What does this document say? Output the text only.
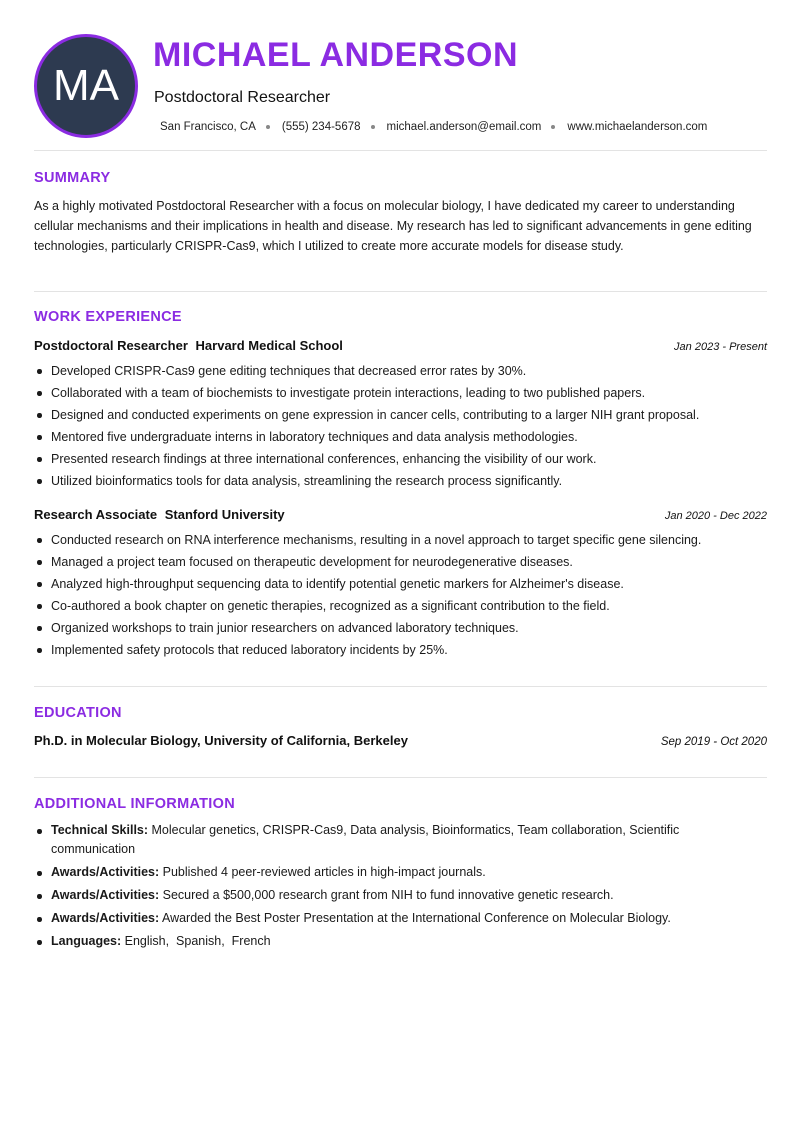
MA
MICHAEL ANDERSON
Postdoctoral Researcher
San Francisco, CA (555) 234-5678 michael.anderson@email.com www.michaelanderson.com
SUMMARY

As a highly motivated Postdoctoral Researcher with a focus on molecular biology, I have dedicated my career to understanding cellular mechanisms and their implications in health and disease. My research has led to significant advancements in gene editing technologies, particularly CRISPR-Cas9, which I utilized to create more accurate models for disease study.

WORK EXPERIENCE
Postdoctoral Researcher Harvard Medical School	Jan 2023 - Present
Developed CRISPR-Cas9 gene editing techniques that decreased error rates by 30%.
Collaborated with a team of biochemists to investigate protein interactions, leading to two published papers.
Designed and conducted experiments on gene expression in cancer cells, contributing to a larger NIH grant proposal.
Mentored five undergraduate interns in laboratory techniques and data analysis methodologies.
Presented research findings at three international conferences, enhancing the visibility of our work.
Utilized bioinformatics tools for data analysis, streamlining the research process significantly.
Research Associate Stanford University	Jan 2020 - Dec 2022
Conducted research on RNA interference mechanisms, resulting in a novel approach to target specific gene silencing.
Managed a project team focused on therapeutic development for neurodegenerative diseases.
Analyzed high-throughput sequencing data to identify potential genetic markers for Alzheimer's disease.
Co-authored a book chapter on genetic therapies, recognized as a significant contribution to the field.
Organized workshops to train junior researchers on advanced laboratory techniques.
Implemented safety protocols that reduced laboratory incidents by 25%.
EDUCATION
Ph.D. in Molecular Biology, University of California, Berkeley	Sep 2019 - Oct 2020
ADDITIONAL INFORMATION
Technical Skills: Molecular genetics, CRISPR-Cas9, Data analysis, Bioinformatics, Team collaboration, Scientific communication
Awards/Activities: Published 4 peer-reviewed articles in high-impact journals.
Awards/Activities: Secured a $500,000 research grant from NIH to fund innovative genetic research.
Awards/Activities: Awarded the Best Poster Presentation at the International Conference on Molecular Biology.
Languages: English,  Spanish,  French
